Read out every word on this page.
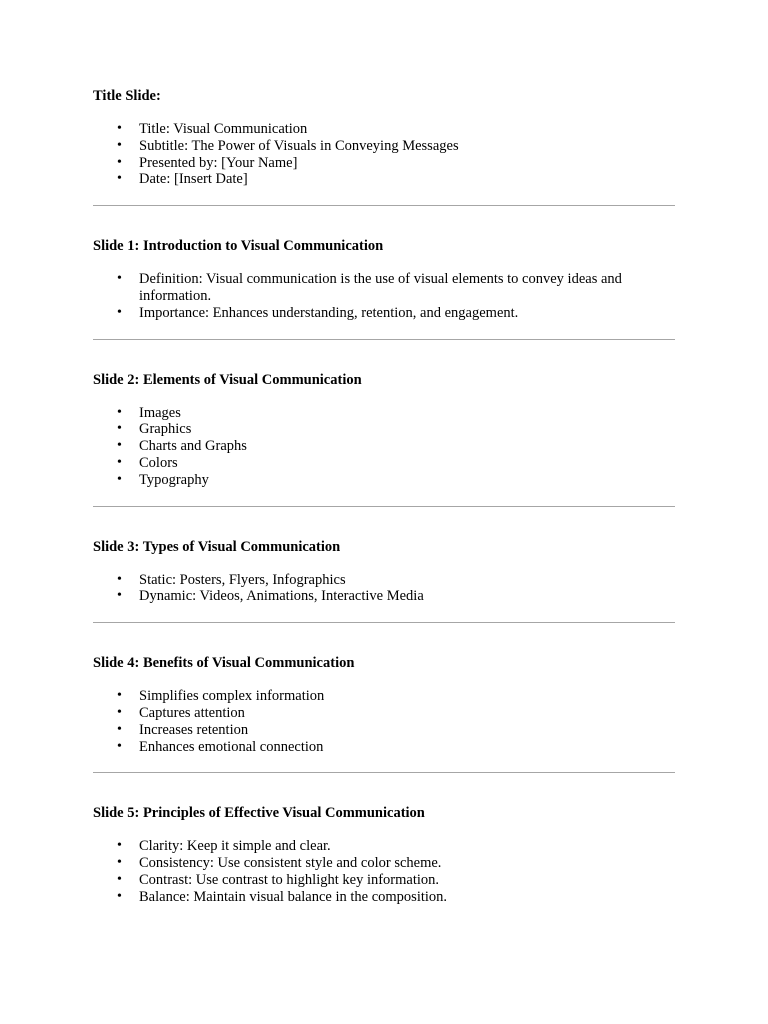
Title Slide:

• Title: Visual Communication
• Subtitle: The Power of Visuals in Conveying Messages
• Presented by: [Your Name]
• Date: [Insert Date]

Slide 1: Introduction to Visual Communication

• Definition: Visual communication is the use of visual elements to convey ideas and information.
• Importance: Enhances understanding, retention, and engagement.

Slide 2: Elements of Visual Communication

• Images
• Graphics
• Charts and Graphs
• Colors
• Typography

Slide 3: Types of Visual Communication

• Static: Posters, Flyers, Infographics
• Dynamic: Videos, Animations, Interactive Media

Slide 4: Benefits of Visual Communication

• Simplifies complex information
• Captures attention
• Increases retention
• Enhances emotional connection

Slide 5: Principles of Effective Visual Communication

• Clarity: Keep it simple and clear.
• Consistency: Use consistent style and color scheme.
• Contrast: Use contrast to highlight key information.
• Balance: Maintain visual balance in the composition.
